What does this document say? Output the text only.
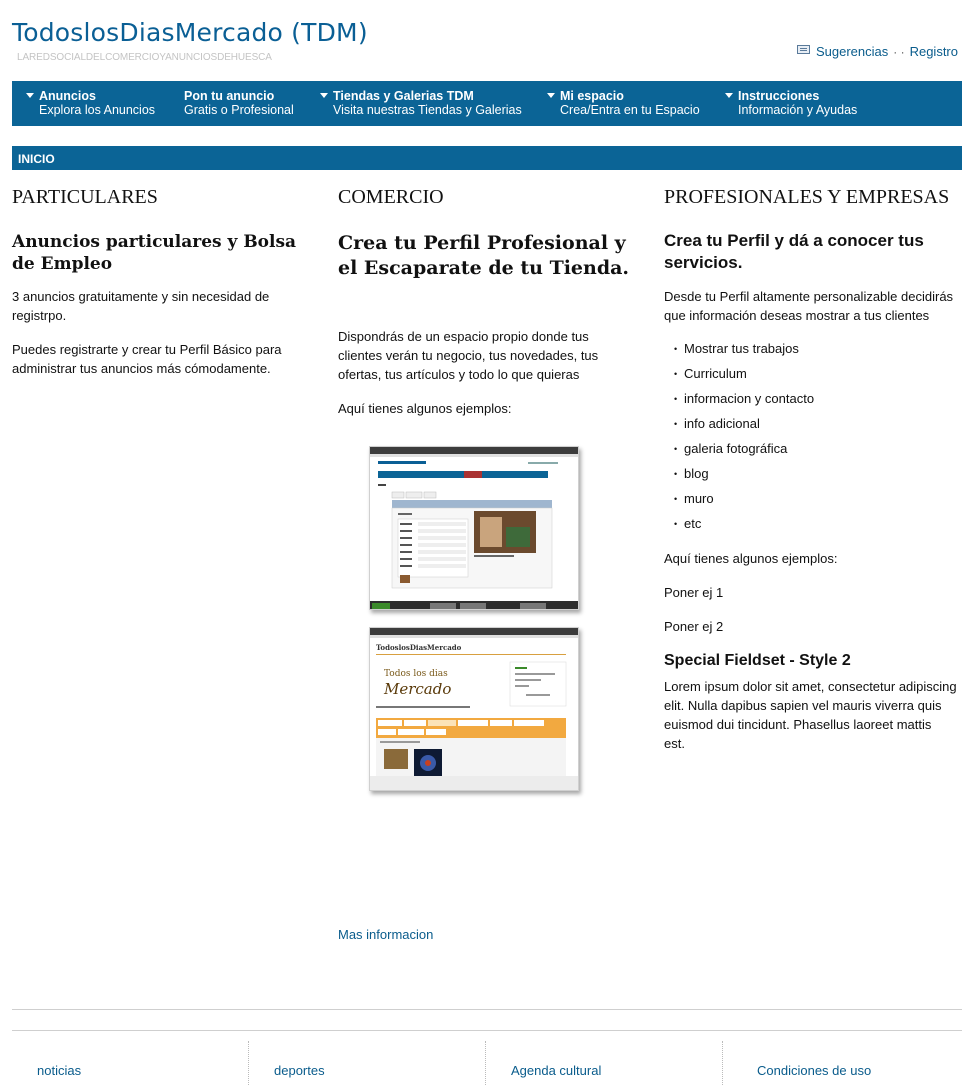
TodoslosDiasMercado (TDM)
LAREDSOCIALDELCOMERCIOYANUNCIOSDEHUESCA	Sugerencias · · Registro
Anuncios
Explora los Anuncios
Pon tu anuncio
Gratis o Profesional
Tiendas y Galerias TDM
Visita nuestras Tiendas y Galerias
Mi espacio
Crea/Entra en tu Espacio
Instrucciones
Información y Ayudas
INICIO
PARTICULARES
Anuncios particulares y Bolsa
de Empleo
3 anuncios gratuitamente y sin necesidad de
registrpo.
Puedes registrarte y crear tu Perfil Básico para
administrar tus anuncios más cómodamente.
COMERCIO
Crea tu Perfil Profesional y
el Escaparate de tu Tienda.
Dispondrás de un espacio propio donde tus
clientes verán tu negocio, tus novedades, tus
ofertas, tus artículos y todo lo que quieras
Aquí tienes algunos ejemplos:
TodoslosDiasMercado
Todos los dias
Mercado
Mas informacion
PROFESIONALES Y EMPRESAS
Crea tu Perfil y dá a conocer tus
servicios.
Desde tu Perfil altamente personalizable decidirás
que información deseas mostrar a tus clientes
• Mostrar tus trabajos
• Curriculum
• informacion y contacto
• info adicional
• galeria fotográfica
• blog
• muro
• etc
Aquí tienes algunos ejemplos:
Poner ej 1
Poner ej 2
Special Fieldset - Style 2
Lorem ipsum dolor sit amet, consectetur adipiscing
elit. Nulla dapibus sapien vel mauris viverra quis
euismod dui tincidunt. Phasellus laoreet mattis
est.
noticias	deportes	Agenda cultural	Condiciones de uso
